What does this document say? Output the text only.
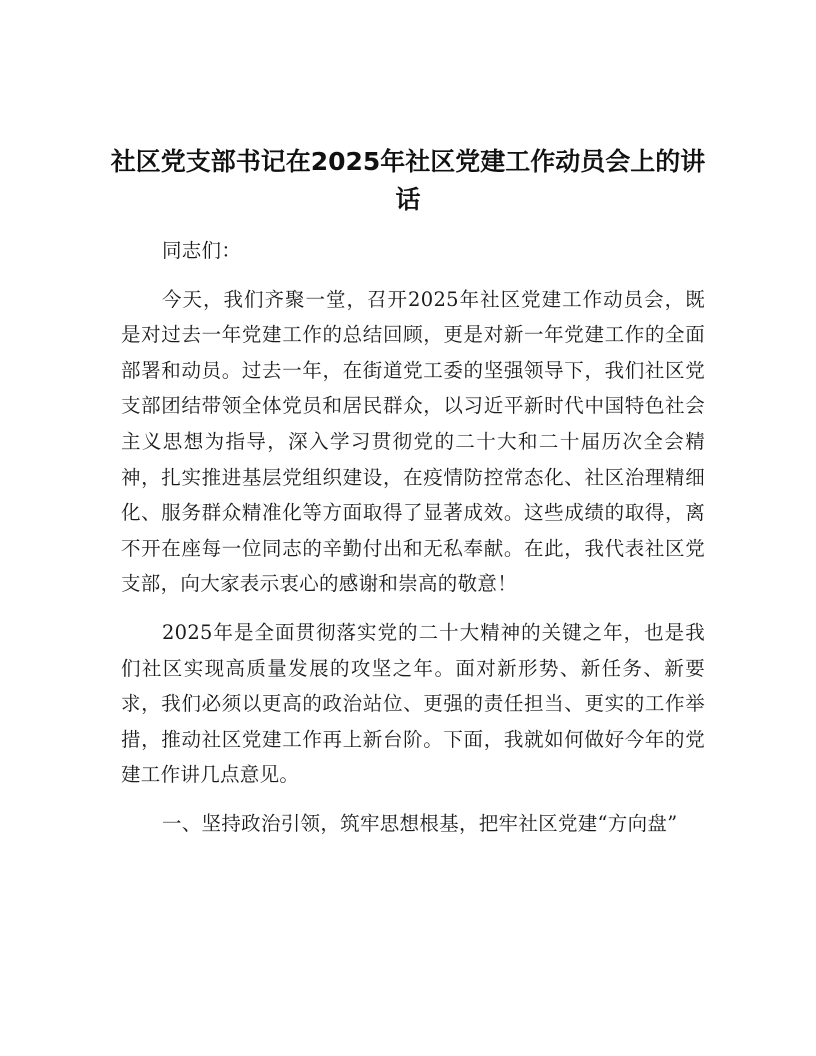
社区党支部书记在2025年社区党建工作动员会上的讲话

同志们：

今天，我们齐聚一堂，召开2025年社区党建工作动员会，既是对过去一年党建工作的总结回顾，更是对新一年党建工作的全面部署和动员。过去一年，在街道党工委的坚强领导下，我们社区党支部团结带领全体党员和居民群众，以习近平新时代中国特色社会主义思想为指导，深入学习贯彻党的二十大和二十届历次全会精神，扎实推进基层党组织建设，在疫情防控常态化、社区治理精细化、服务群众精准化等方面取得了显著成效。这些成绩的取得，离不开在座每一位同志的辛勤付出和无私奉献。在此，我代表社区党支部，向大家表示衷心的感谢和崇高的敬意！

2025年是全面贯彻落实党的二十大精神的关键之年，也是我们社区实现高质量发展的攻坚之年。面对新形势、新任务、新要求，我们必须以更高的政治站位、更强的责任担当、更实的工作举措，推动社区党建工作再上新台阶。下面，我就如何做好今年的党建工作讲几点意见。

一、坚持政治引领，筑牢思想根基，把牢社区党建“方向盘”
